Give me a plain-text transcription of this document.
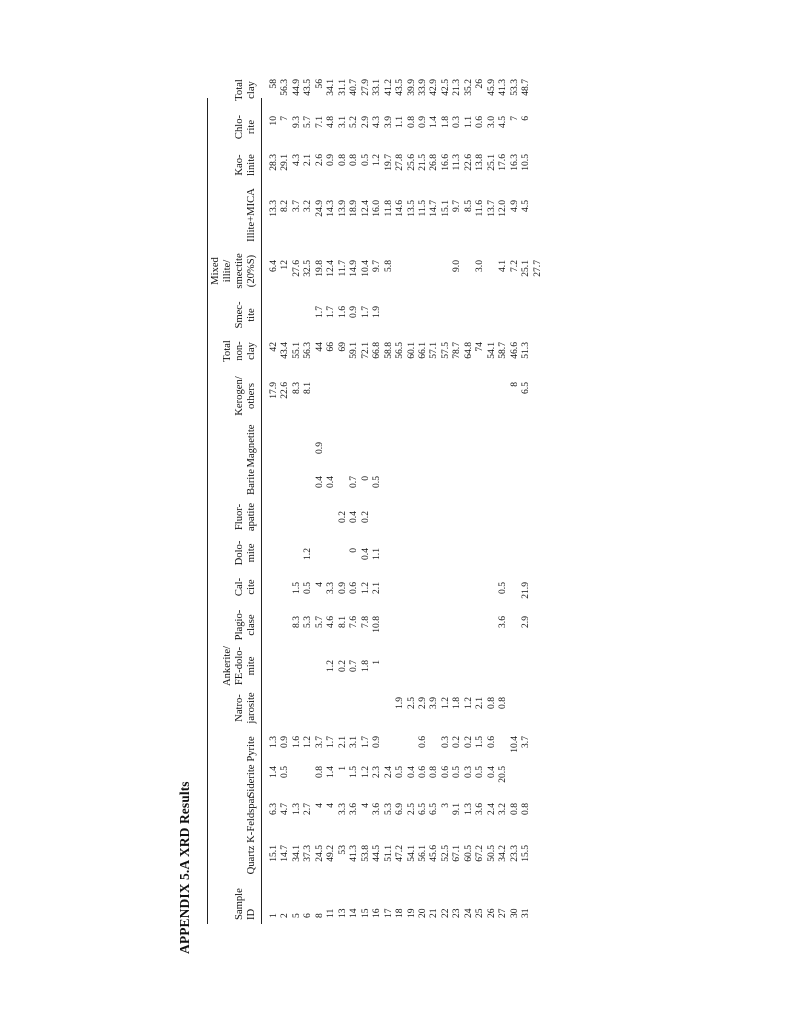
APPENDIX 5.A XRD Results	Sample ID
Quartz
K-Feldspar
Siderite
Pyrite
Natro- jarosite
Ankerite/ FE-dolo- mite
Plagio- clase
Cal- cite
Dolo- mite
Fluor- apatite
Barite
Magnetite
Kerogen/ others
Total non- clay
Smec- tite
Mixed illite/ smectite (20%S)
Illite+MICA
Kao- linite
Chlo- rite
Total clay
1
15.1
6.3
1.4
1.3
17.9
42
6.4
13.3
28.3
10
58
2
14.7
4.7
0.5
0.9
22.6
43.4
12
8.2
29.1
7
56.3
5
34.1
1.3
1.6
8.3
1.5
8.3
55.1
27.6
3.7
4.3
9.3
44.9
6
37.3
2.7
1.2
5.3
0.5
1.2
8.1
56.3
32.5
3.2
2.1
5.7
43.5
8
24.5
4
0.8
3.7
5.7
4
0.4
0.9
44
1.7
19.8
24.9
2.6
7.1
56
11
49.2
4
1.4
1.7
1.2
4.6
3.3
0.4
66
1.7
12.4
14.3
0.9
4.8
34.1
13
53
3.3
1
2.1
0.2
8.1
0.9
0.2
69
1.6
11.7
13.9
0.8
3.1
31.1
14
41.3
3.6
1.5
3.1
0.7
7.6
0.6
0
0.4
0.7
59.1
0.9
14.9
18.9
0.8
5.2
40.7
15
53.8
4
1.2
1.7
1.8
7.8
1.2
0.4
0.2
0
72.1
1.7
10.4
12.4
0.5
2.9
27.9
16
44.5
3.6
2.3
0.9
1
10.8
2.1
1.1
0.5
66.8
1.9
9.7
16.0
1.2
4.3
33.1
17
51.1
5.3
2.4
58.8
5.8
11.8
19.7
3.9
41.2
18
47.2
6.9
0.5
1.9
56.5
14.6
27.8
1.1
43.5
19
54.1
2.5
0.4
2.5
60.1
13.5
25.6
0.8
39.9
20
56.1
6.5
0.6
0.6
2.9
66.1
11.5
21.5
0.9
33.9
21
45.6
6.5
0.8
3.9
57.1
14.7
26.8
1.4
42.9
22
52.5
3
0.6
0.3
1.2
57.5
15.1
16.6
1.8
42.5
23
67.1
9.1
0.5
0.2
1.8
78.7
9.0
9.7
11.3
0.3
21.3
24
60.5
1.3
0.3
0.2
1.2
64.8
8.5
22.6
1.1
35.2
25
67.2
3.6
0.5
1.5
2.1
74
3.0
11.6
13.8
0.6
26
26
50.5
2.4
0.4
0.6
0.8
54.1
13.7
25.1
3.0
45.9
27
34.2
3.2
20.5
0.8
3.6
0.5
58.7
4.1
12.0
17.6
4.5
41.3
30
23.3
0.8
10.4
8
46.6
7.2
4.9
16.3
7
53.3
31
15.5
0.8
3.7
2.9
21.9
6.5
51.3
25.1
4.5
10.5
6
48.7
27.7
